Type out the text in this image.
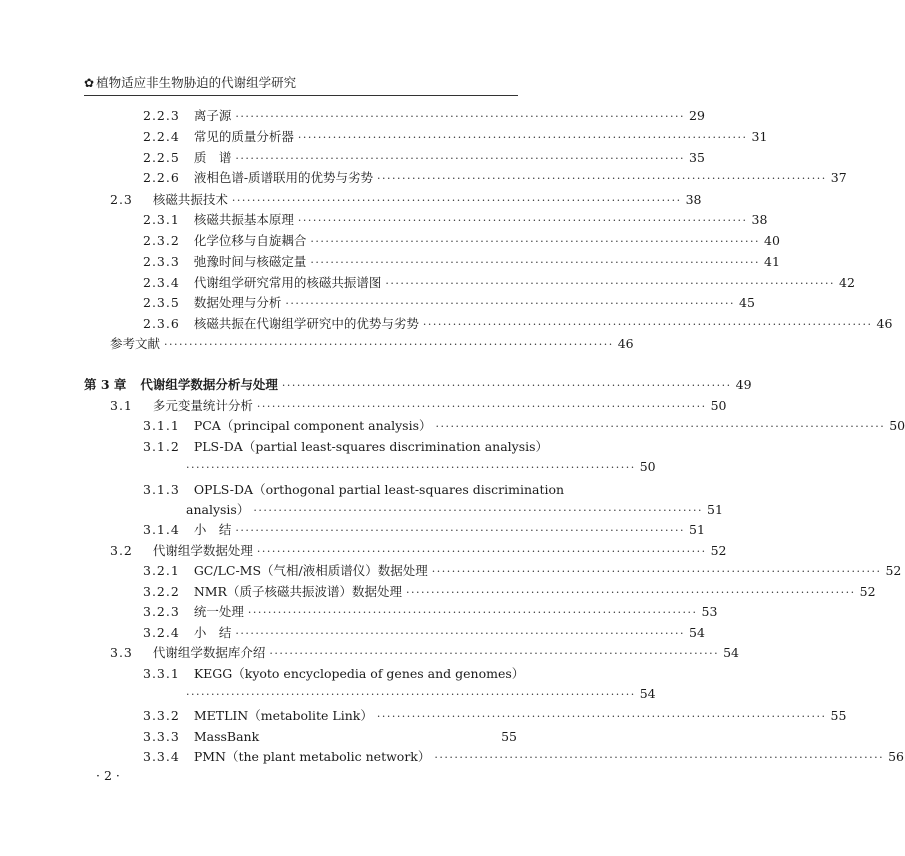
✿ 植物适应非生物胁迫的代谢组学研究
2.2.3 离子源 ·························································································· 29
2.2.4 常见的质量分析器 ·························································································· 31
2.2.5 质　谱 ·························································································· 35
2.2.6 液相色谱-质谱联用的优势与劣势 ·························································································· 37
2.3 核磁共振技术 ·························································································· 38
2.3.1 核磁共振基本原理 ·························································································· 38
2.3.2 化学位移与自旋耦合 ·························································································· 40
2.3.3 弛豫时间与核磁定量 ·························································································· 41
2.3.4 代谢组学研究常用的核磁共振谱图 ·························································································· 42
2.3.5 数据处理与分析 ·························································································· 45
2.3.6 核磁共振在代谢组学研究中的优势与劣势 ·························································································· 46
参考文献 ·························································································· 46
第 3 章 代谢组学数据分析与处理 ·························································································· 49
3.1 多元变量统计分析 ·························································································· 50
3.1.1 PCA（principal component analysis） ·························································································· 50
3.1.2 PLS-DA（partial least-squares discrimination analysis）
·························································································· 50
3.1.3 OPLS-DA（orthogonal partial least-squares discrimination
analysis） ·························································································· 51
3.1.4 小　结 ·························································································· 51
3.2 代谢组学数据处理 ·························································································· 52
3.2.1 GC/LC-MS（气相/液相质谱仪）数据处理 ·························································································· 52
3.2.2 NMR（质子核磁共振波谱）数据处理 ·························································································· 52
3.2.3 统一处理 ·························································································· 53
3.2.4 小　结 ·························································································· 54
3.3 代谢组学数据库介绍 ·························································································· 54
3.3.1 KEGG（kyoto encyclopedia of genes and genomes）
·························································································· 54
3.3.2 METLIN（metabolite Link） ·························································································· 55
3.3.3 MassBank	55
3.3.4 PMN（the plant metabolic network） ·························································································· 56
· 2 ·
